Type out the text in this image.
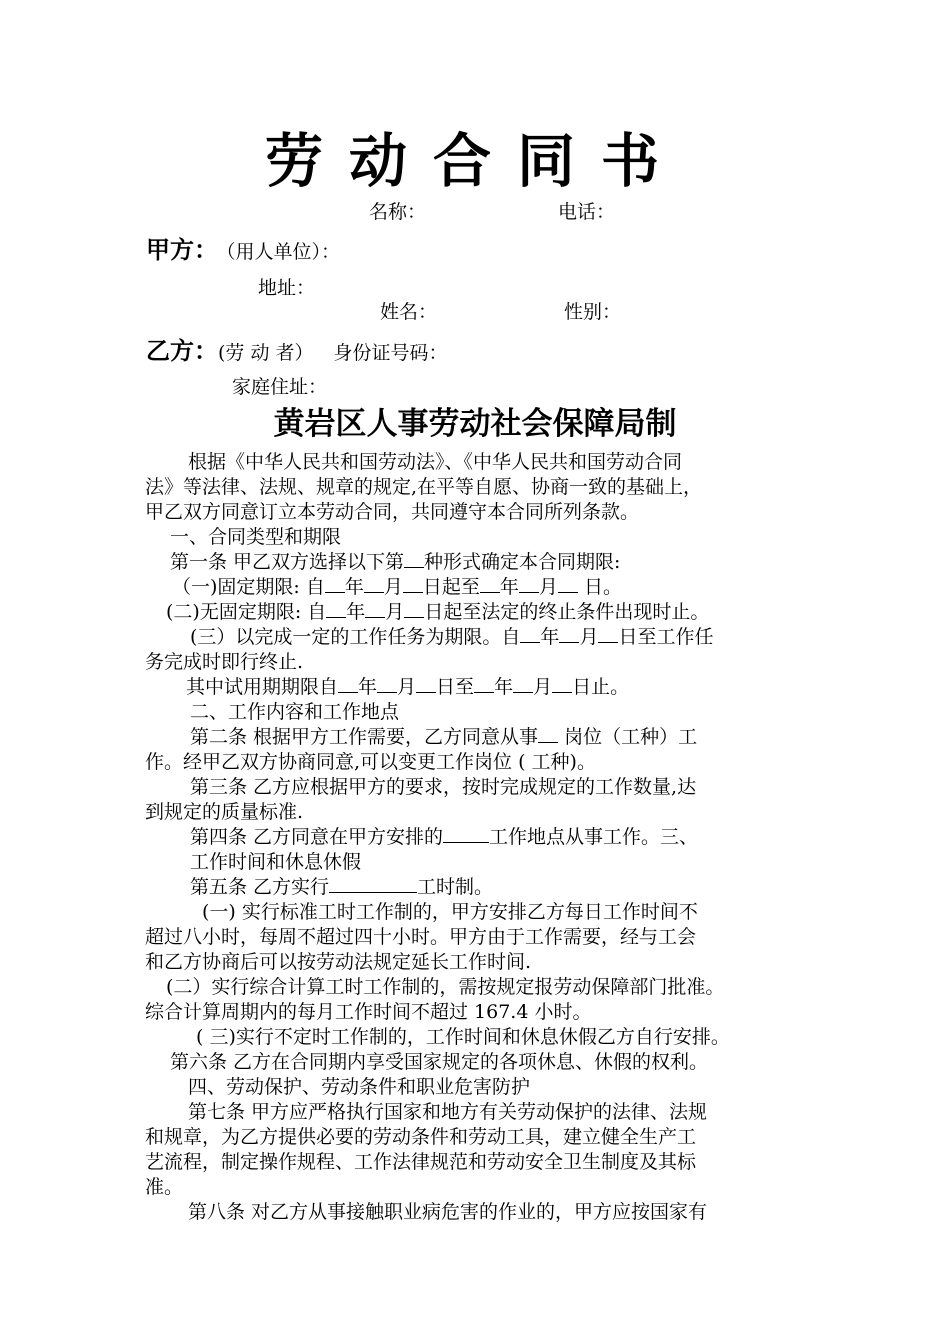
劳动合同书
名称：	电话：
甲方： （用人单位）：
地址：
姓名：	性别：
乙方：(劳 动 者） 身份证号码：
家庭住址：
黄岩区人事劳动社会保障局制
根据《中华人民共和国劳动法》、《中华人民共和国劳动合同
法》等法律、法规、规章的规定,在平等自愿、协商一致的基础上，
甲乙双方同意订立本劳动合同，共同遵守本合同所列条款。
一、合同类型和期限
第一条 甲乙双方选择以下第 种形式确定本合同期限:
（一)固定期限: 自 年 月 日起至 年 月 日。
(二)无固定期限: 自 年 月 日起至法定的终止条件出现时止。
(三）以完成一定的工作任务为期限。自 年 月 日至工作任
务完成时即行终止.
其中试用期期限自 年 月 日至 年 月 日止。
二、工作内容和工作地点
第二条 根据甲方工作需要，乙方同意从事 岗位（工种）工
作。经甲乙双方协商同意,可以变更工作岗位 ( 工种)。
第三条 乙方应根据甲方的要求，按时完成规定的工作数量,达
到规定的质量标准.
第四条 乙方同意在甲方安排的 工作地点从事工作。三、
工作时间和休息休假
第五条 乙方实行	工时制。
(一) 实行标准工时工作制的，甲方安排乙方每日工作时间不
超过八小时，每周不超过四十小时。甲方由于工作需要，经与工会
和乙方协商后可以按劳动法规定延长工作时间.
(二）实行综合计算工时工作制的，需按规定报劳动保障部门批准。
综合计算周期内的每月工作时间不超过 167.4 小时。
( 三)实行不定时工作制的，工作时间和休息休假乙方自行安排。
第六条 乙方在合同期内享受国家规定的各项休息、休假的权利。
四、劳动保护、劳动条件和职业危害防护
第七条 甲方应严格执行国家和地方有关劳动保护的法律、法规
和规章，为乙方提供必要的劳动条件和劳动工具，建立健全生产工
艺流程，制定操作规程、工作法律规范和劳动安全卫生制度及其标
准。
第八条 对乙方从事接触职业病危害的作业的，甲方应按国家有
